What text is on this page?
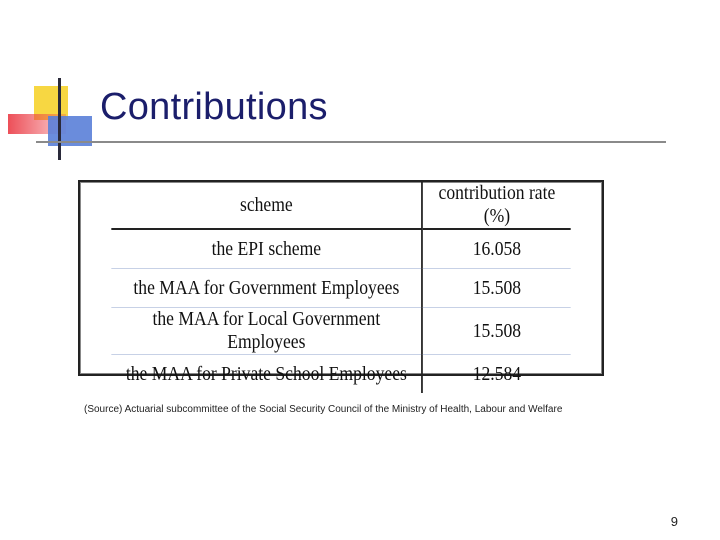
Contributions
scheme	contribution rate (%)
the EPI scheme	16.058
the MAA for Government Employees	15.508
the MAA for Local Government Employees	15.508
the MAA for Private School Employees	12.584

(Source) Actuarial subcommittee of the Social Security Council of the Ministry of Health, Labour and Welfare

9
